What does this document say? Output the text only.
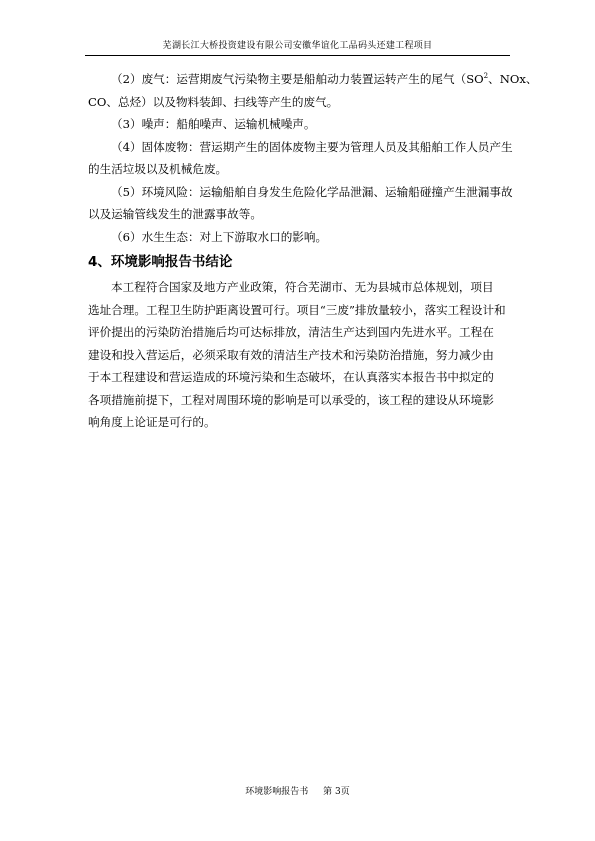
芜湖长江大桥投资建设有限公司安徽华谊化工品码头还建工程项目

（2）废气：运营期废气污染物主要是船舶动力装置运转产生的尾气（$SO^2$、NOx、
CO、总烃）以及物料装卸、扫线等产生的废气。

（3）噪声：船舶噪声、运输机械噪声。

（4）固体废物：营运期产生的固体废物主要为管理人员及其船舶工作人员产生
的生活垃圾以及机械危废。

（5）环境风险：运输船舶自身发生危险化学品泄漏、运输船碰撞产生泄漏事故
以及运输管线发生的泄露事故等。

（6）水生生态：对上下游取水口的影响。

4、环境影响报告书结论

本工程符合国家及地方产业政策，符合芜湖市、无为县城市总体规划，项目
选址合理。工程卫生防护距离设置可行。项目“三废”排放量较小，落实工程设计和
评价提出的污染防治措施后均可达标排放，清洁生产达到国内先进水平。工程在
建设和投入营运后，必须采取有效的清洁生产技术和污染防治措施，努力减少由
于本工程建设和营运造成的环境污染和生态破坏，在认真落实本报告书中拟定的
各项措施前提下，工程对周围环境的影响是可以承受的，该工程的建设从环境影
响角度上论证是可行的。

环境影响报告书 第 3页
